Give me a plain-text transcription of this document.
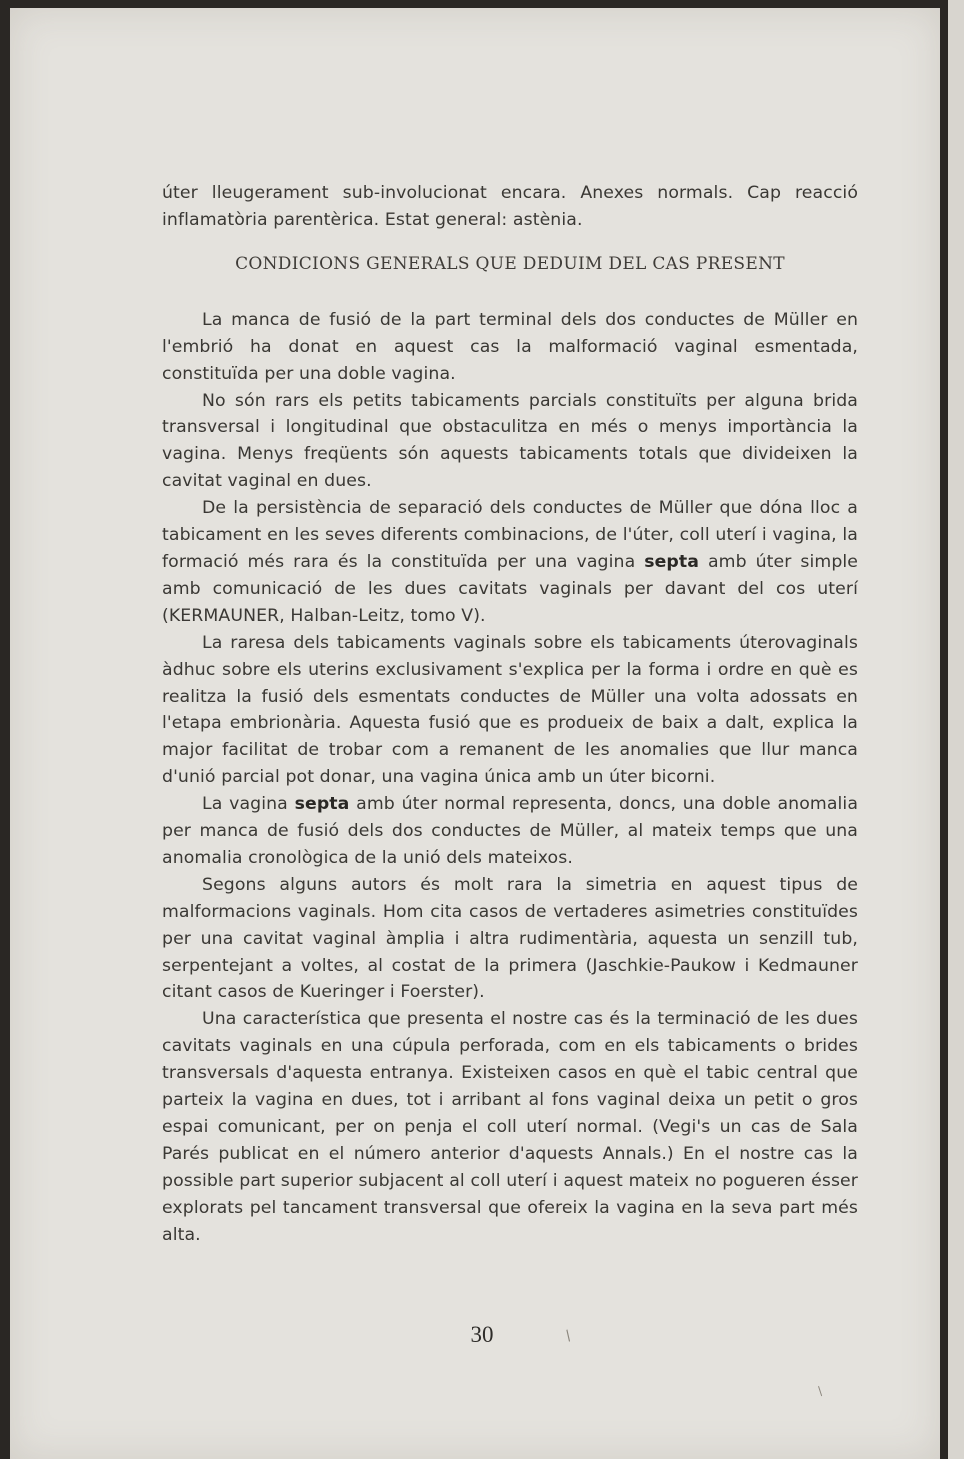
úter lleugerament sub-involucionat encara. Anexes normals. Cap reacció inflamatòria parentèrica. Estat general: astènia.

CONDICIONS GENERALS QUE DEDUIM DEL CAS PRESENT

La manca de fusió de la part terminal dels dos conductes de Müller en l'embrió ha donat en aquest cas la malformació vaginal esmentada, constituïda per una doble vagina.

No són rars els petits tabicaments parcials constituïts per alguna brida transversal i longitudinal que obstaculitza en més o menys importància la vagina. Menys freqüents són aquests tabicaments totals que divideixen la cavitat vaginal en dues.

De la persistència de separació dels conductes de Müller que dóna lloc a tabicament en les seves diferents combinacions, de l'úter, coll uterí i vagina, la formació més rara és la constituïda per una vagina septa amb úter simple amb comunicació de les dues cavitats vaginals per davant del cos uterí (KERMAUNER, Halban-Leitz, tomo V).

La raresa dels tabicaments vaginals sobre els tabicaments úterovaginals àdhuc sobre els uterins exclusivament s'explica per la forma i ordre en què es realitza la fusió dels esmentats conductes de Müller una volta adossats en l'etapa embrionària. Aquesta fusió que es produeix de baix a dalt, explica la major facilitat de trobar com a remanent de les anomalies que llur manca d'unió parcial pot donar, una vagina única amb un úter bicorni.

La vagina septa amb úter normal representa, doncs, una doble anomalia per manca de fusió dels dos conductes de Müller, al mateix temps que una anomalia cronològica de la unió dels mateixos.

Segons alguns autors és molt rara la simetria en aquest tipus de malformacions vaginals. Hom cita casos de vertaderes asimetries constituïdes per una cavitat vaginal àmplia i altra rudimentària, aquesta un senzill tub, serpentejant a voltes, al costat de la primera (Jaschkie-Paukow i Kedmauner citant casos de Kueringer i Foerster).

Una característica que presenta el nostre cas és la terminació de les dues cavitats vaginals en una cúpula perforada, com en els tabicaments o brides transversals d'aquesta entranya. Existeixen casos en què el tabic central que parteix la vagina en dues, tot i arribant al fons vaginal deixa un petit o gros espai comunicant, per on penja el coll uterí normal. (Vegi's un cas de Sala Parés publicat en el número anterior d'aquests Annals.) En el nostre cas la possible part superior subjacent al coll uterí i aquest mateix no pogueren ésser explorats pel tancament transversal que ofereix la vagina en la seva part més alta.

30	/
/
